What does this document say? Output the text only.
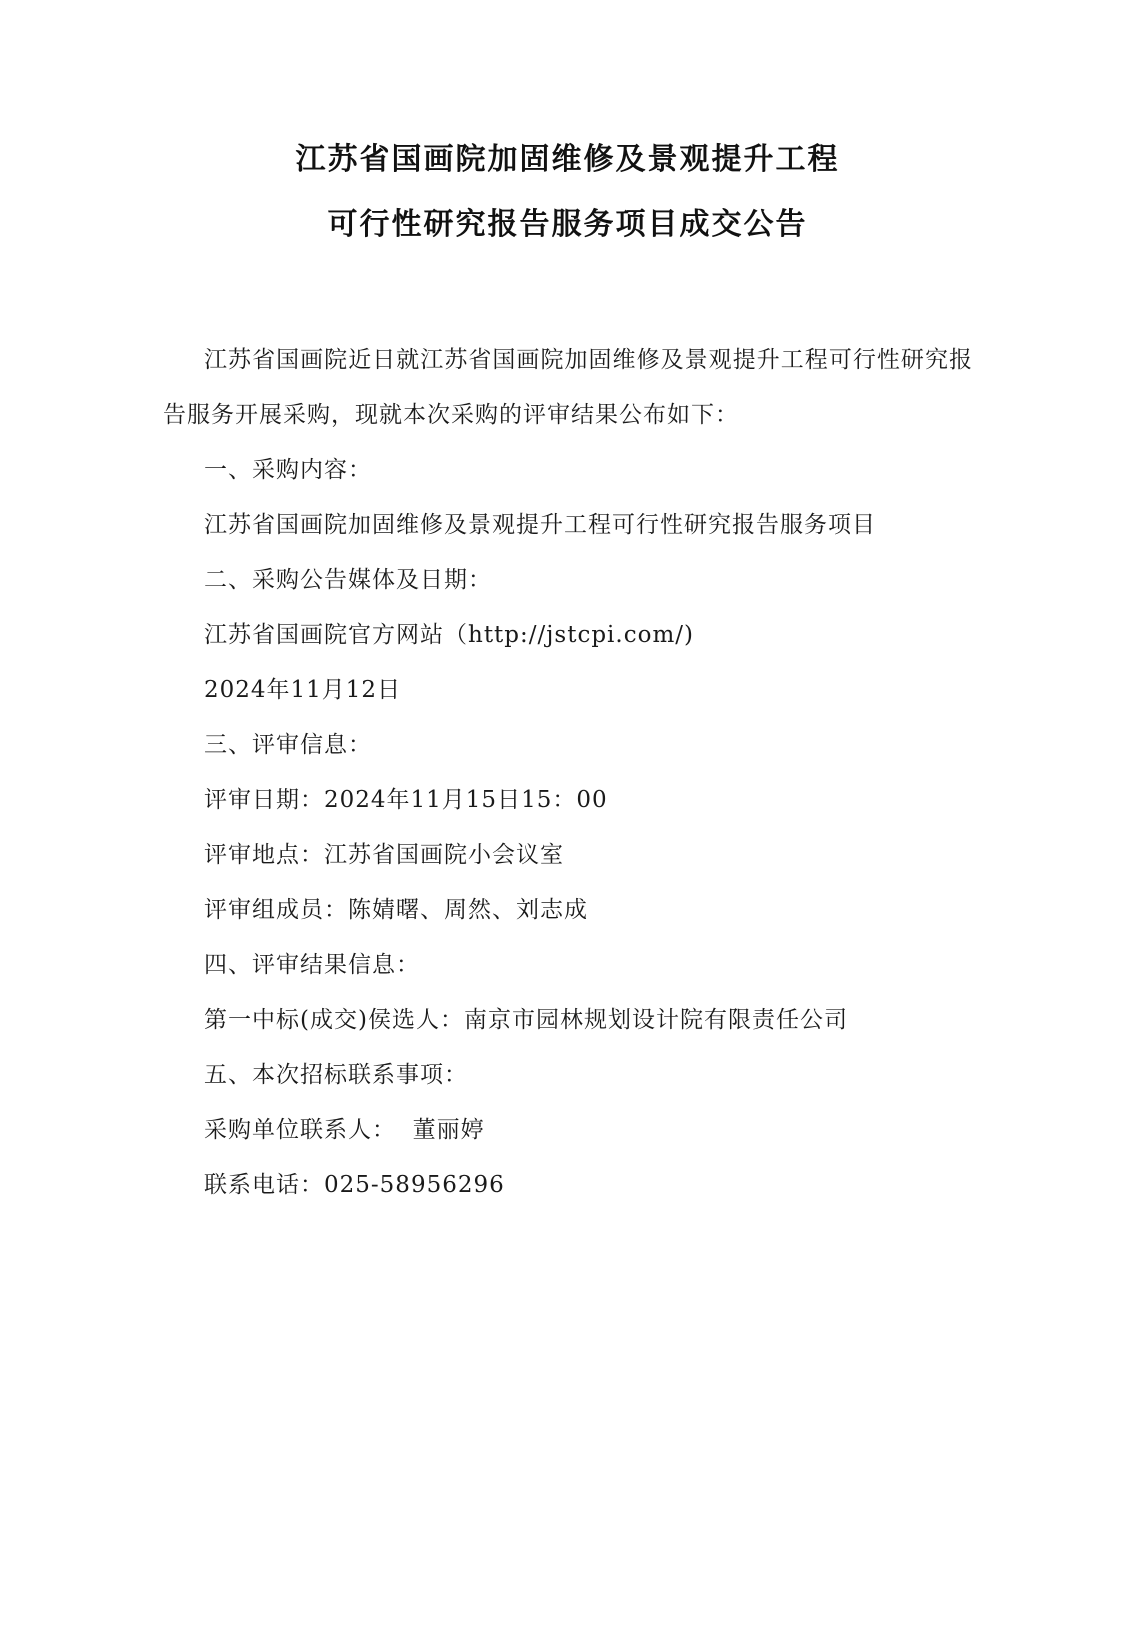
江苏省国画院加固维修及景观提升工程
可行性研究报告服务项目成交公告

江苏省国画院近日就江苏省国画院加固维修及景观提升工程可行性研究报告服务开展采购，现就本次采购的评审结果公布如下：

一、采购内容：

江苏省国画院加固维修及景观提升工程可行性研究报告服务项目

二、采购公告媒体及日期：

江苏省国画院官方网站（http://jstcpi.com/)

2024年11月12日

三、评审信息：

评审日期：2024年11月15日15：00

评审地点：江苏省国画院小会议室

评审组成员：陈婧曙、周然、刘志成

四、评审结果信息：

第一中标(成交)侯选人：南京市园林规划设计院有限责任公司

五、本次招标联系事项：

采购单位联系人：  董丽婷

联系电话：025-58956296
